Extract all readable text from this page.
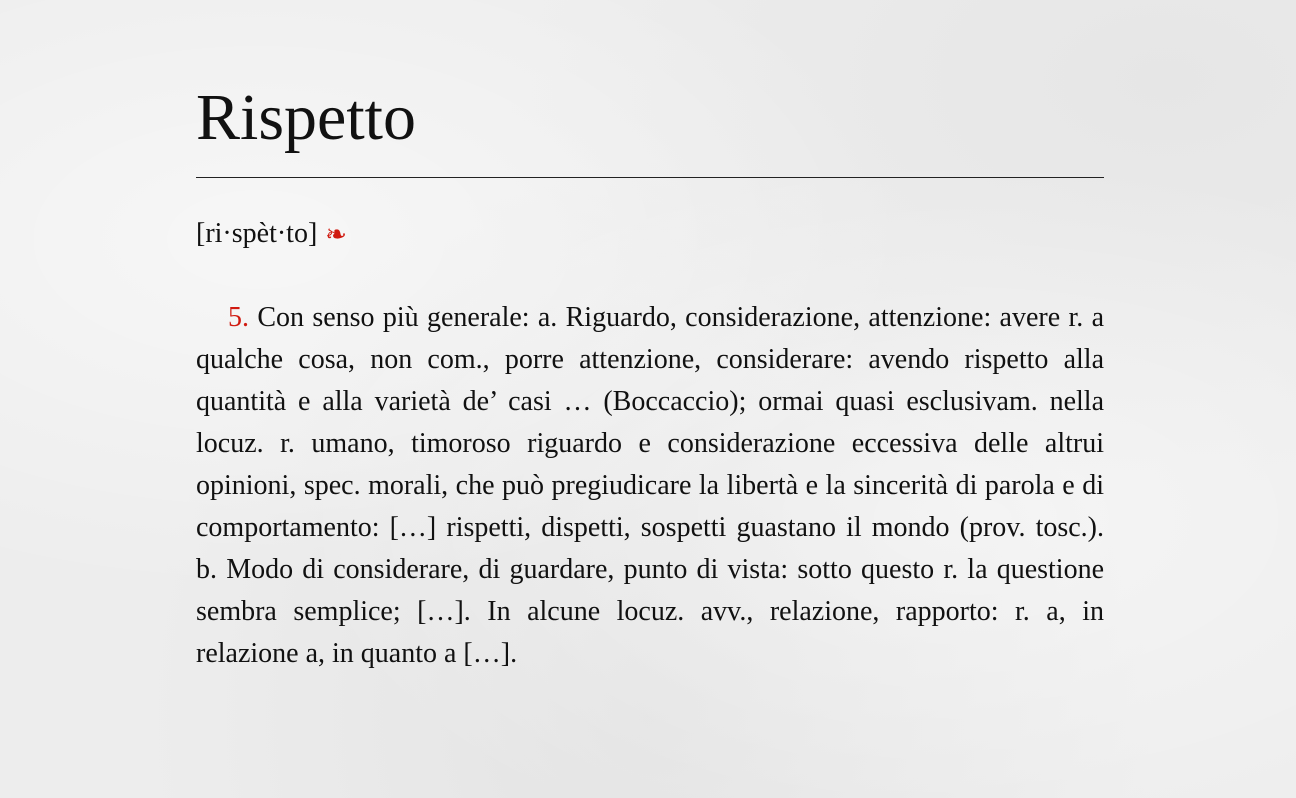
Rispetto
[ri·spèt·to] ❧

5. Con senso più generale: a. Riguardo, considerazione, attenzione: avere r. a qualche cosa, non com., porre attenzione, considerare: avendo rispetto alla quantità e alla varietà de’ casi … (Boccaccio); ormai quasi esclusivam. nella locuz. r. umano, timoroso riguardo e considerazione eccessiva delle altrui opinioni, spec. morali, che può pregiudicare la libertà e la sincerità di parola e di comportamento: […] rispetti, dispetti, sospetti guastano il mondo (prov. tosc.). b. Modo di considerare, di guardare, punto di vista: sotto questo r. la questione sembra semplice; […]. In alcune locuz. avv., relazione, rapporto: r. a, in relazione a, in quanto a […].
